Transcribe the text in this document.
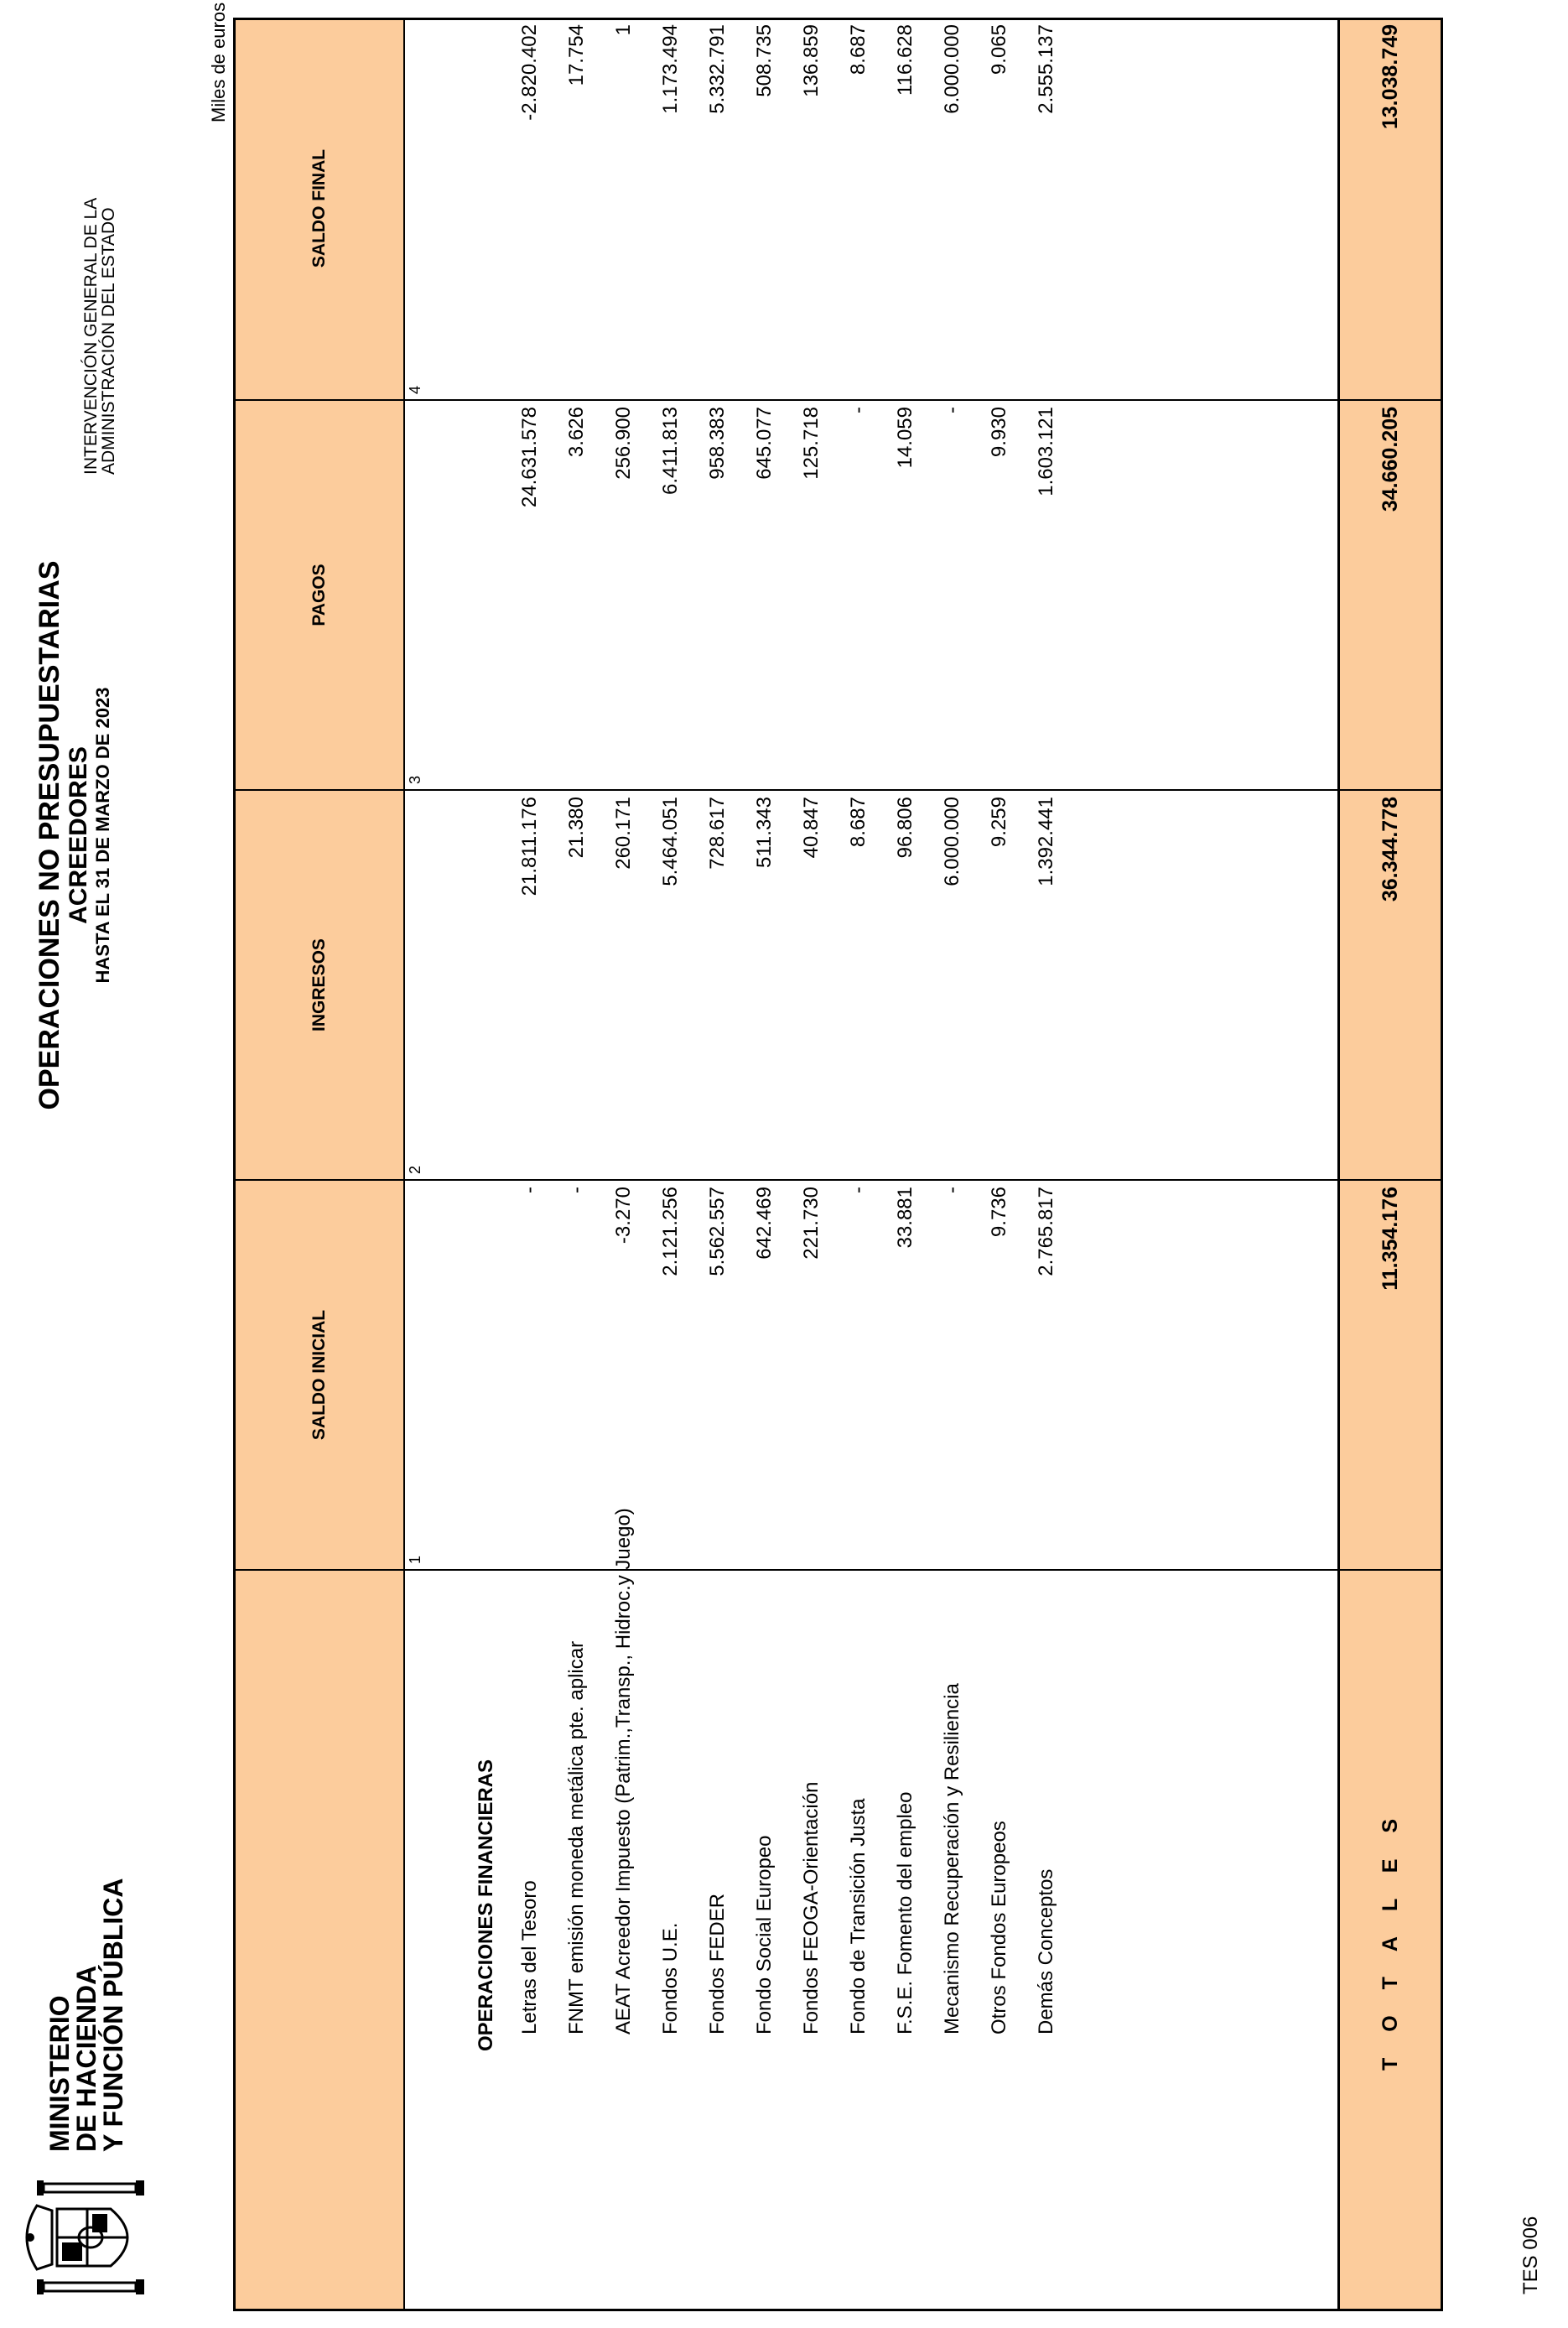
MINISTERIO
DE HACIENDA
Y FUNCIÓN PÚBLICA
OPERACIONES NO PRESUPUESTARIAS ACREEDORES HASTA EL 31 DE MARZO DE 2023
INTERVENCIÓN GENERAL DE LA
ADMINISTRACIÓN DEL ESTADO
Miles de euros
SALDO INICIAL
INGRESOS
PAGOS
SALDO FINAL
1
2
3
4
OPERACIONES FINANCIERAS Letras del Tesoro
-
21.811.176
24.631.578
-2.820.402
FNMT emisión moneda metálica pte. aplicar
-
21.380
3.626
17.754
AEAT Acreedor Impuesto (Patrim.,Transp., Hidroc.y Juego)
-3.270
260.171
256.900
1
Fondos U.E.
2.121.256
5.464.051
6.411.813
1.173.494
Fondos FEDER
5.562.557
728.617
958.383
5.332.791
Fondo Social Europeo
642.469
511.343
645.077
508.735
Fondos FEOGA-Orientación
221.730
40.847
125.718
136.859
Fondo de Transición Justa
-
8.687
-
8.687
F.S.E. Fomento del empleo
33.881
96.806
14.059
116.628
Mecanismo Recuperación y Resiliencia
-
6.000.000
-
6.000.000
Otros Fondos Europeos
9.736
9.259
9.930
9.065
Demás Conceptos
2.765.817
1.392.441
1.603.121
2.555.137
T O T A L E S
11.354.176
36.344.778
34.660.205
13.038.749
TES 006
